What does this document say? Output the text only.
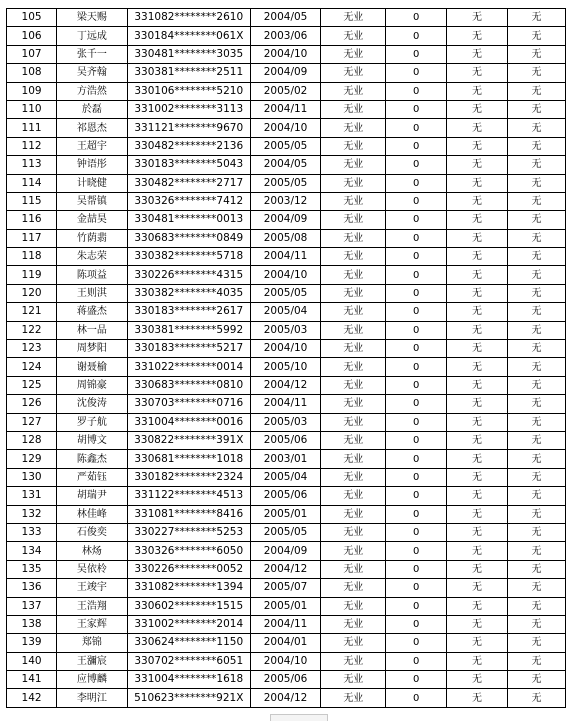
105	梁天赐	331082********2610	2004/05	无业	0	无	无
106	丁远成	330184********061X	2003/06	无业	0	无	无
107	张千一	330481********3035	2004/10	无业	0	无	无
108	吴齐翰	330381********2511	2004/09	无业	0	无	无
109	方浩然	330106********5210	2005/02	无业	0	无	无
110	於磊	331002********3113	2004/11	无业	0	无	无
111	祁恩杰	331121********9670	2004/10	无业	0	无	无
112	王超宇	330482********2136	2005/05	无业	0	无	无
113	钟语彤	330183********5043	2004/05	无业	0	无	无
114	计晓健	330482********2717	2005/05	无业	0	无	无
115	吴帮镇	330326********7412	2003/12	无业	0	无	无
116	金喆昊	330481********0013	2004/09	无业	0	无	无
117	竹荫翡	330683********0849	2005/08	无业	0	无	无
118	朱志荣	330382********5718	2004/11	无业	0	无	无
119	陈项益	330226********4315	2004/10	无业	0	无	无
120	王则淇	330382********4035	2005/05	无业	0	无	无
121	蒋盛杰	330183********2617	2005/04	无业	0	无	无
122	林一品	330381********5992	2005/03	无业	0	无	无
123	周梦阳	330183********5217	2004/10	无业	0	无	无
124	谢聂榆	331022********0014	2005/10	无业	0	无	无
125	周锦豪	330683********0810	2004/12	无业	0	无	无
126	沈俊涛	330703********0716	2004/11	无业	0	无	无
127	罗子航	331004********0016	2005/03	无业	0	无	无
128	胡博文	330822********391X	2005/06	无业	0	无	无
129	陈鑫杰	330681********1018	2003/01	无业	0	无	无
130	严茹钰	330182********2324	2005/04	无业	0	无	无
131	胡瑞尹	331122********4513	2005/06	无业	0	无	无
132	林佳峰	331081********8416	2005/01	无业	0	无	无
133	石俊奕	330227********5253	2005/05	无业	0	无	无
134	林炀	330326********6050	2004/09	无业	0	无	无
135	吴依柃	330226********0052	2004/12	无业	0	无	无
136	王竣宇	331082********1394	2005/07	无业	0	无	无
137	王浩翔	330602********1515	2005/01	无业	0	无	无
138	王家辉	331002********2014	2004/11	无业	0	无	无
139	郑锦	330624********1150	2004/01	无业	0	无	无
140	王瀰宸	330702********6051	2004/10	无业	0	无	无
141	应博麟	331004********1618	2005/06	无业	0	无	无
142	李明江	510623********921X	2004/12	无业	0	无	无
